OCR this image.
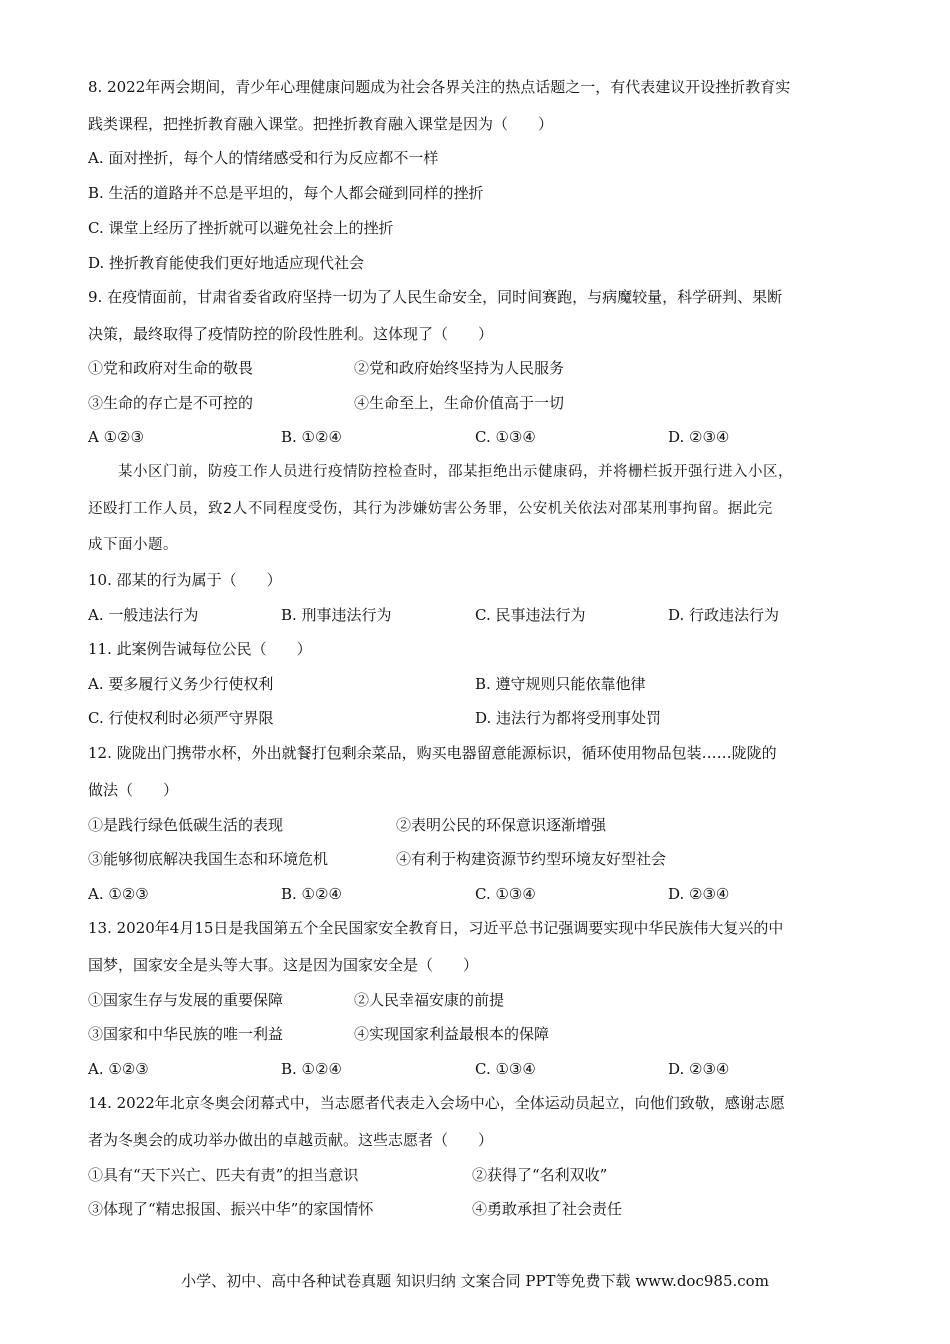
8. 2022年两会期间，青少年心理健康问题成为社会各界关注的热点话题之一，有代表建议开设挫折教育实
践类课程，把挫折教育融入课堂。把挫折教育融入课堂是因为（　　）
A. 面对挫折，每个人的情绪感受和行为反应都不一样
B. 生活的道路并不总是平坦的，每个人都会碰到同样的挫折
C. 课堂上经历了挫折就可以避免社会上的挫折
D. 挫折教育能使我们更好地适应现代社会
9. 在疫情面前，甘肃省委省政府坚持一切为了人民生命安全，同时间赛跑，与病魔较量，科学研判、果断
决策，最终取得了疫情防控的阶段性胜利。这体现了（　　）
①党和政府对生命的敬畏	②党和政府始终坚持为人民服务
③生命的存亡是不可控的	④生命至上，生命价值高于一切
A ①②③	B. ①②④	C. ①③④	D. ②③④
某小区门前，防疫工作人员进行疫情防控检查时，邵某拒绝出示健康码，并将栅栏扳开强行进入小区，
还殴打工作人员，致2人不同程度受伤，其行为涉嫌妨害公务罪，公安机关依法对邵某刑事拘留。据此完
成下面小题。
10. 邵某的行为属于（　　）
A. 一般违法行为	B. 刑事违法行为	C. 民事违法行为	D. 行政违法行为
11. 此案例告诫每位公民（　　）
A. 要多履行义务少行使权利	B. 遵守规则只能依靠他律
C. 行使权利时必须严守界限	D. 违法行为都将受刑事处罚
12. 陇陇出门携带水杯，外出就餐打包剩余菜品，购买电器留意能源标识，循环使用物品包装……陇陇的
做法（　　）
①是践行绿色低碳生活的表现	②表明公民的环保意识逐渐增强
③能够彻底解决我国生态和环境危机	④有利于构建资源节约型环境友好型社会
A. ①②③	B. ①②④	C. ①③④	D. ②③④
13. 2020年4月15日是我国第五个全民国家安全教育日，习近平总书记强调要实现中华民族伟大复兴的中
国梦，国家安全是头等大事。这是因为国家安全是（　　）
①国家生存与发展的重要保障	②人民幸福安康的前提
③国家和中华民族的唯一利益	④实现国家利益最根本的保障
A. ①②③	B. ①②④	C. ①③④	D. ②③④
14. 2022年北京冬奥会闭幕式中，当志愿者代表走入会场中心，全体运动员起立，向他们致敬，感谢志愿
者为冬奥会的成功举办做出的卓越贡献。这些志愿者（　　）
①具有“天下兴亡、匹夫有责”的担当意识	②获得了“名利双收”
③体现了“精忠报国、振兴中华”的家国情怀	④勇敢承担了社会责任
小学、初中、高中各种试卷真题 知识归纳 文案合同 PPT等免费下载 www.doc985.com
